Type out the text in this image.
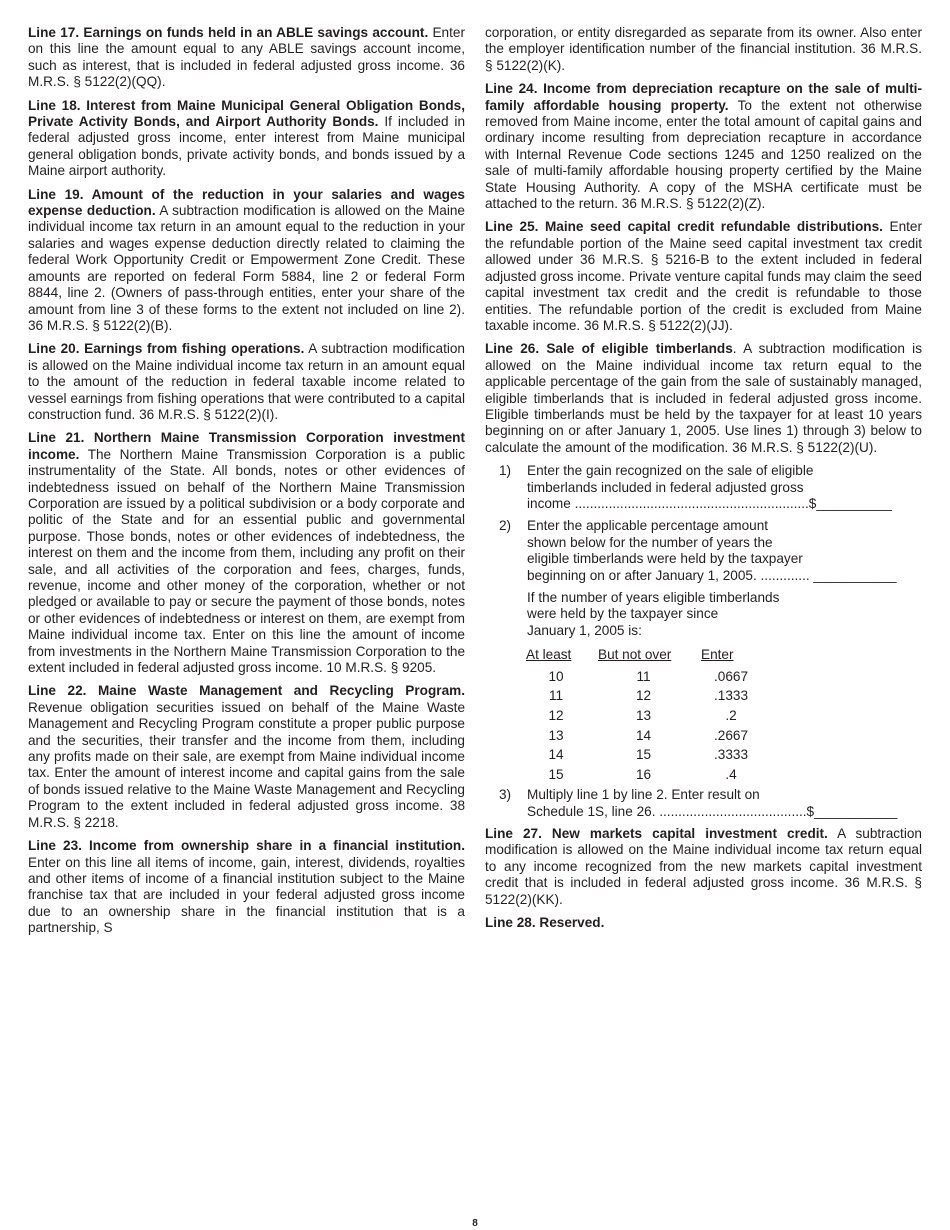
Line 17. Earnings on funds held in an ABLE savings account. Enter on this line the amount equal to any ABLE savings account income, such as interest, that is included in federal adjusted gross income. 36 M.R.S. § 5122(2)(QQ).

Line 18. Interest from Maine Municipal General Obligation Bonds, Private Activity Bonds, and Airport Authority Bonds. If included in federal adjusted gross income, enter interest from Maine municipal general obligation bonds, private activity bonds, and bonds issued by a Maine airport authority.

Line 19. Amount of the reduction in your salaries and wages expense deduction. A subtraction modification is allowed on the Maine individual income tax return in an amount equal to the reduction in your salaries and wages expense deduction directly related to claiming the federal Work Opportunity Credit or Empowerment Zone Credit. These amounts are reported on federal Form 5884, line 2 or federal Form 8844, line 2. (Owners of pass-through entities, enter your share of the amount from line 3 of these forms to the extent not included on line 2). 36 M.R.S. § 5122(2)(B).

Line 20. Earnings from fishing operations. A subtraction modification is allowed on the Maine individual income tax return in an amount equal to the amount of the reduction in federal taxable income related to vessel earnings from fishing operations that were contributed to a capital construction fund. 36 M.R.S. § 5122(2)(I).

Line 21. Northern Maine Transmission Corporation investment income. The Northern Maine Transmission Corporation is a public instrumentality of the State. All bonds, notes or other evidences of indebtedness issued on behalf of the Northern Maine Transmission Corporation are issued by a political subdivision or a body corporate and politic of the State and for an essential public and governmental purpose. Those bonds, notes or other evidences of indebtedness, the interest on them and the income from them, including any profit on their sale, and all activities of the corporation and fees, charges, funds, revenue, income and other money of the corporation, whether or not pledged or available to pay or secure the payment of those bonds, notes or other evidences of indebtedness or interest on them, are exempt from Maine individual income tax. Enter on this line the amount of income from investments in the Northern Maine Transmission Corporation to the extent included in federal adjusted gross income. 10 M.R.S. § 9205.

Line 22. Maine Waste Management and Recycling Program. Revenue obligation securities issued on behalf of the Maine Waste Management and Recycling Program constitute a proper public purpose and the securities, their transfer and the income from them, including any profits made on their sale, are exempt from Maine individual income tax. Enter the amount of interest income and capital gains from the sale of bonds issued relative to the Maine Waste Management and Recycling Program to the extent included in federal adjusted gross income. 38 M.R.S. § 2218.

Line 23. Income from ownership share in a financial institution. Enter on this line all items of income, gain, interest, dividends, royalties and other items of income of a financial institution subject to the Maine franchise tax that are included in your federal adjusted gross income due to an ownership share in the financial institution that is a partnership, S

corporation, or entity disregarded as separate from its owner. Also enter the employer identification number of the financial institution. 36 M.R.S. § 5122(2)(K).

Line 24. Income from depreciation recapture on the sale of multi-family affordable housing property. To the extent not otherwise removed from Maine income, enter the total amount of capital gains and ordinary income resulting from depreciation recapture in accordance with Internal Revenue Code sections 1245 and 1250 realized on the sale of multi-family affordable housing property certified by the Maine State Housing Authority. A copy of the MSHA certificate must be attached to the return. 36 M.R.S. § 5122(2)(Z).

Line 25. Maine seed capital credit refundable distributions. Enter the refundable portion of the Maine seed capital investment tax credit allowed under 36 M.R.S. § 5216-B to the extent included in federal adjusted gross income. Private venture capital funds may claim the seed capital investment tax credit and the credit is refundable to those entities. The refundable portion of the credit is excluded from Maine taxable income. 36 M.R.S. § 5122(2)(JJ).

Line 26. Sale of eligible timberlands. A subtraction modification is allowed on the Maine individual income tax return equal to the applicable percentage of the gain from the sale of sustainably managed, eligible timberlands that is included in federal adjusted gross income. Eligible timberlands must be held by the taxpayer for at least 10 years beginning on or after January 1, 2005. Use lines 1) through 3) below to calculate the amount of the modification. 36 M.R.S. § 5122(2)(U).

1) Enter the gain recognized on the sale of eligible
timberlands included in federal adjusted gross
income ..............................................................$__________
2) Enter the applicable percentage amount
shown below for the number of years the
eligible timberlands were held by the taxpayer
beginning on or after January 1, 2005. ............. ___________
If the number of years eligible timberlands
were held by the taxpayer since
January 1, 2005 is:
At least	But not over	Enter
10	11	.0667
11	12	.1333
12	13	.2
13	14	.2667
14	15	.3333
15	16	.4
3) Multiply line 1 by line 2. Enter result on
Schedule 1S, line 26. .......................................$___________

Line 27. New markets capital investment credit. A subtraction modification is allowed on the Maine individual income tax return equal to any income recognized from the new markets capital investment credit that is included in federal adjusted gross income. 36 M.R.S. § 5122(2)(KK).

Line 28. Reserved.

8
